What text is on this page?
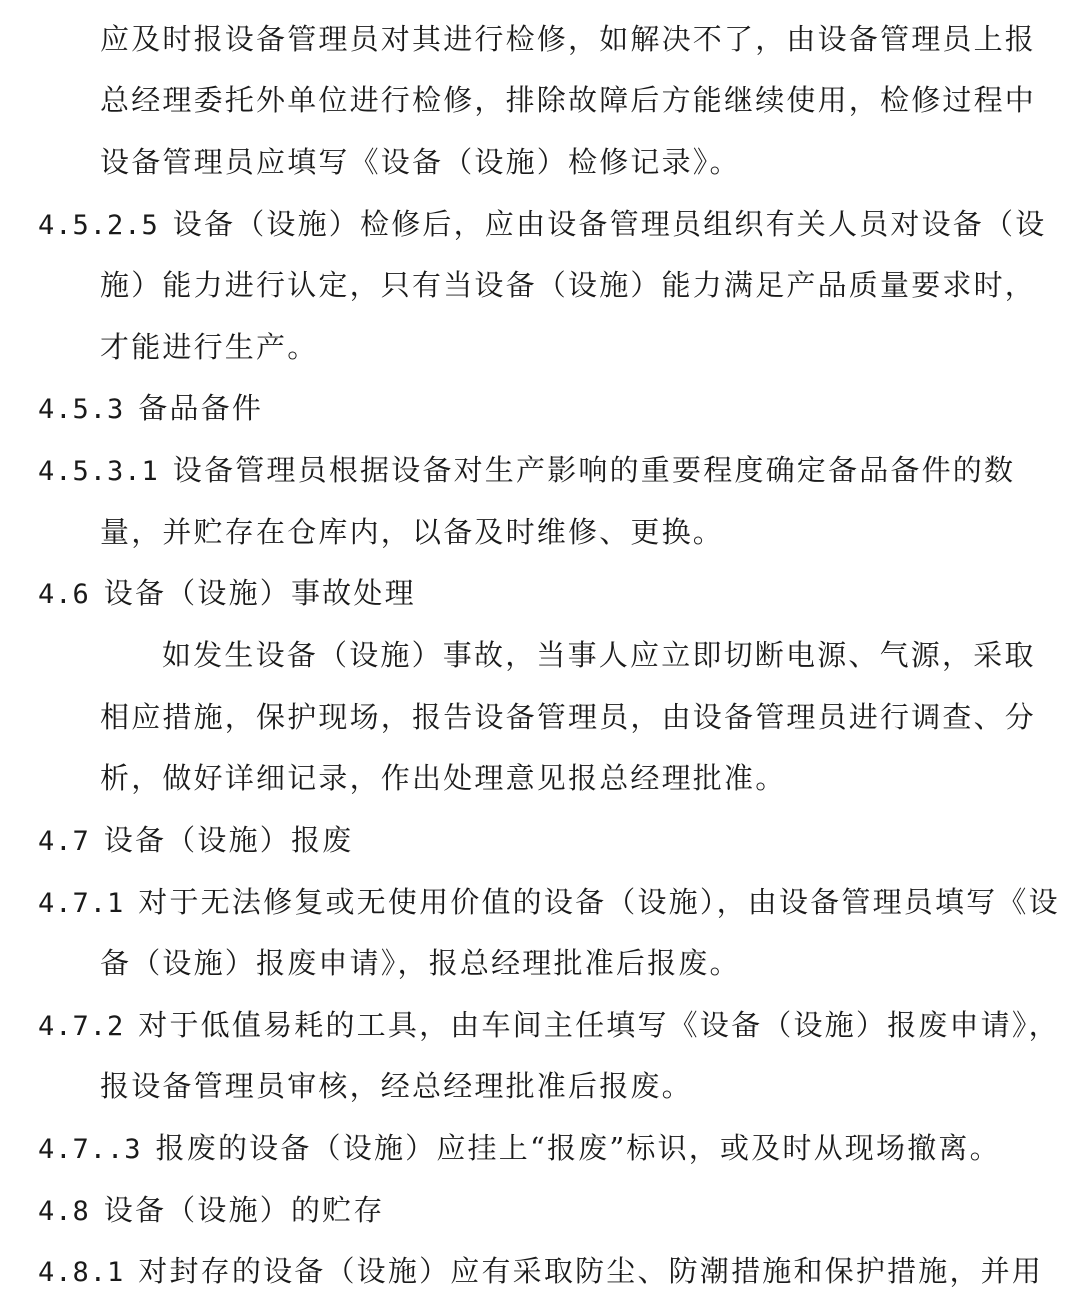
应及时报设备管理员对其进行检修，如解决不了，由设备管理员上报
总经理委托外单位进行检修，排除故障后方能继续使用，检修过程中
设备管理员应填写《设备（设施）检修记录》。
4.5.2.5 设备（设施）检修后，应由设备管理员组织有关人员对设备（设
施）能力进行认定，只有当设备（设施）能力满足产品质量要求时，
才能进行生产。
4.5.3 备品备件
4.5.3.1 设备管理员根据设备对生产影响的重要程度确定备品备件的数
量，并贮存在仓库内，以备及时维修、更换。
4.6 设备（设施）事故处理
如发生设备（设施）事故，当事人应立即切断电源、气源，采取
相应措施，保护现场，报告设备管理员，由设备管理员进行调查、分
析，做好详细记录，作出处理意见报总经理批准。
4.7 设备（设施）报废
4.7.1 对于无法修复或无使用价值的设备（设施），由设备管理员填写《设
备（设施）报废申请》，报总经理批准后报废。
4.7.2 对于低值易耗的工具，由车间主任填写《设备（设施）报废申请》，
报设备管理员审核，经总经理批准后报废。
4.7..3 报废的设备（设施）应挂上“报废”标识，或及时从现场撤离。
4.8 设备（设施）的贮存
4.8.1 对封存的设备（设施）应有采取防尘、防潮措施和保护措施，并用
